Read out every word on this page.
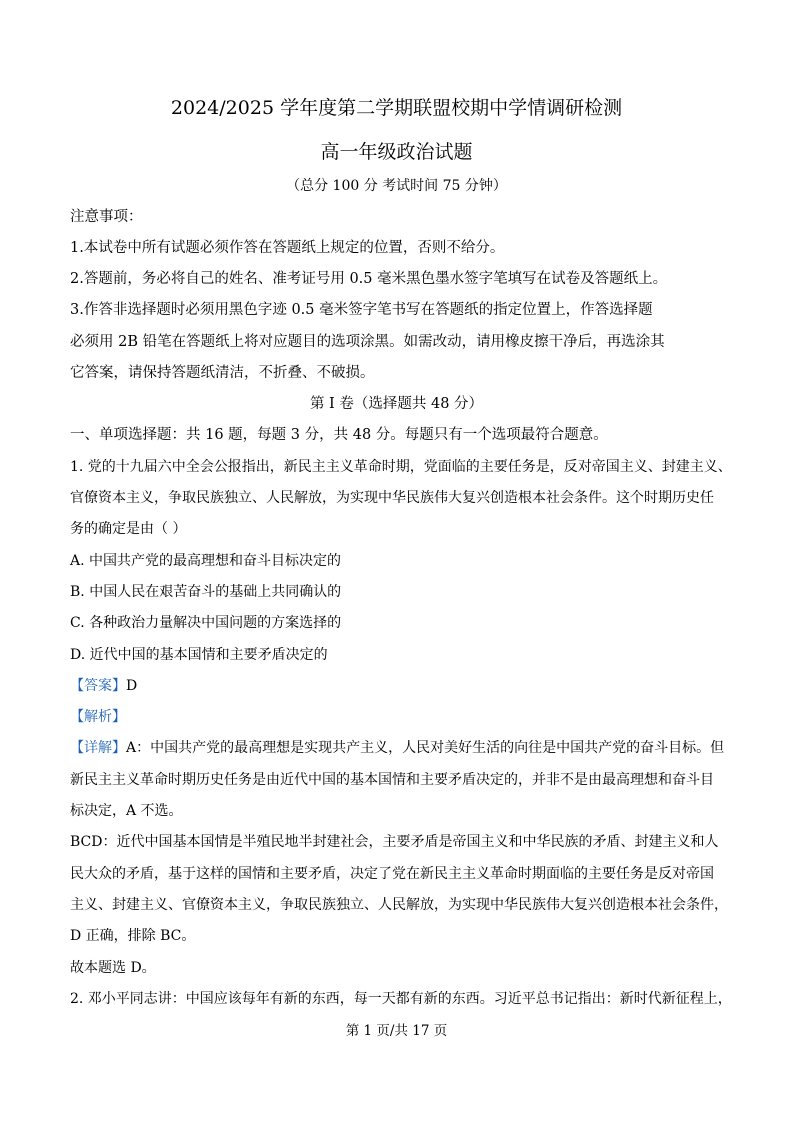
2024/2025 学年度第二学期联盟校期中学情调研检测
高一年级政治试题
（总分 100 分 考试时间 75 分钟）
注意事项：
1.本试卷中所有试题必须作答在答题纸上规定的位置，否则不给分。
2.答题前，务必将自己的姓名、准考证号用 0.5 毫米黑色墨水签字笔填写在试卷及答题纸上。
3.作答非选择题时必须用黑色字迹 0.5 毫米签字笔书写在答题纸的指定位置上，作答选择题
必须用 2B 铅笔在答题纸上将对应题目的选项涂黑。如需改动，请用橡皮擦干净后，再选涂其
它答案，请保持答题纸清洁，不折叠、不破损。
第 I 卷（选择题共 48 分）
一、单项选择题：共 16 题，每题 3 分，共 48 分。每题只有一个选项最符合题意。
1. 党的十九届六中全会公报指出，新民主主义革命时期，党面临的主要任务是，反对帝国主义、封建主义、
官僚资本主义，争取民族独立、人民解放，为实现中华民族伟大复兴创造根本社会条件。这个时期历史任
务的确定是由（ ）
A. 中国共产党的最高理想和奋斗目标决定的
B. 中国人民在艰苦奋斗的基础上共同确认的
C. 各种政治力量解决中国问题的方案选择的
D. 近代中国的基本国情和主要矛盾决定的
【答案】D
【解析】
【详解】A：中国共产党的最高理想是实现共产主义，人民对美好生活的向往是中国共产党的奋斗目标。但
新民主主义革命时期历史任务是由近代中国的基本国情和主要矛盾决定的，并非不是由最高理想和奋斗目
标决定，A 不选。
BCD：近代中国基本国情是半殖民地半封建社会，主要矛盾是帝国主义和中华民族的矛盾、封建主义和人
民大众的矛盾，基于这样的国情和主要矛盾，决定了党在新民主主义革命时期面临的主要任务是反对帝国
主义、封建主义、官僚资本主义，争取民族独立、人民解放，为实现中华民族伟大复兴创造根本社会条件，
D 正确，排除 BC。
故本题选 D。
2. 邓小平同志讲：中国应该每年有新的东西，每一天都有新的东西。习近平总书记指出：新时代新征程上，
第 1 页/共 17 页
